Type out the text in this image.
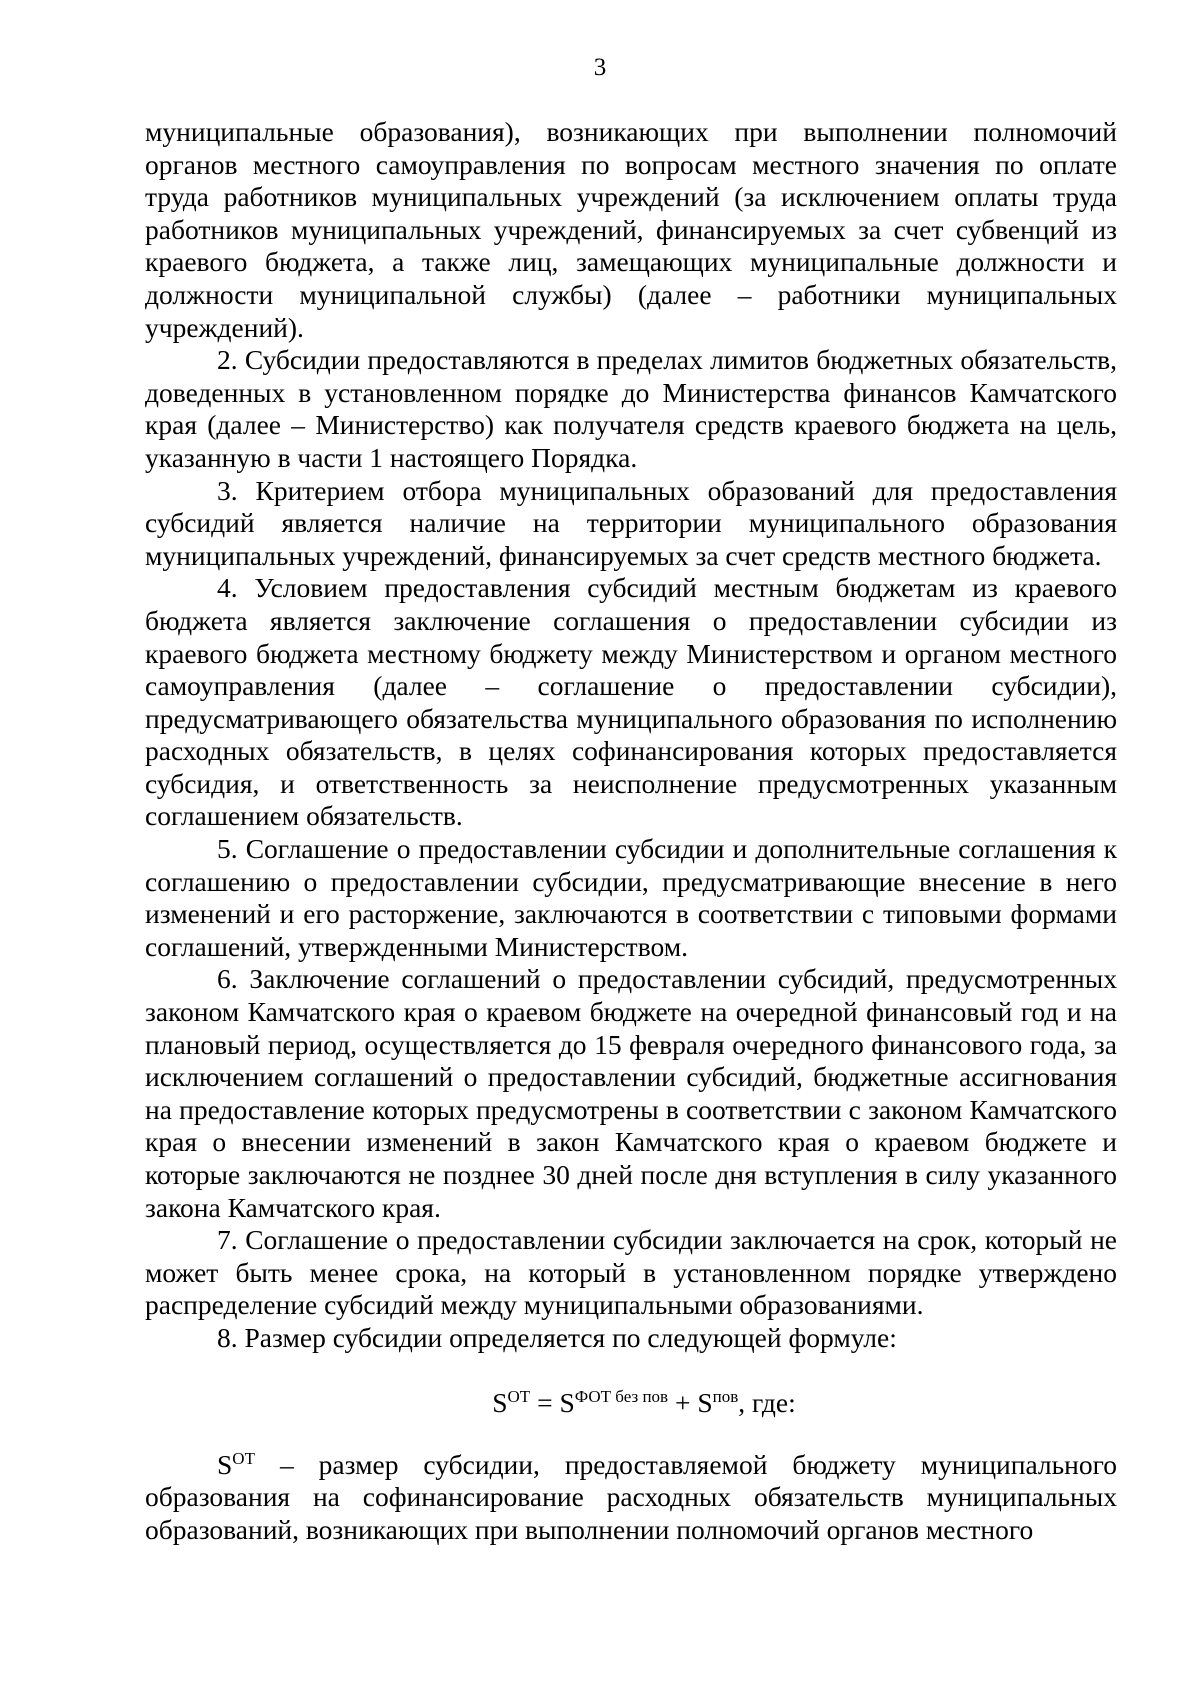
3

муниципальные образования), возникающих при выполнении полномочий органов местного самоуправления по вопросам местного значения по оплате труда работников муниципальных учреждений (за исключением оплаты труда работников муниципальных учреждений, финансируемых за счет субвенций из краевого бюджета, а также лиц, замещающих муниципальные должности и должности муниципальной службы) (далее – работники муниципальных учреждений).

2. Субсидии предоставляются в пределах лимитов бюджетных обязательств, доведенных в установленном порядке до Министерства финансов Камчатского края (далее – Министерство) как получателя средств краевого бюджета на цель, указанную в части 1 настоящего Порядка.

3. Критерием отбора муниципальных образований для предоставления субсидий является наличие на территории муниципального образования муниципальных учреждений, финансируемых за счет средств местного бюджета.

4. Условием предоставления субсидий местным бюджетам из краевого бюджета является заключение соглашения о предоставлении субсидии из краевого бюджета местному бюджету между Министерством и органом местного самоуправления (далее – соглашение о предоставлении субсидии), предусматривающего обязательства муниципального образования по исполнению расходных обязательств, в целях софинансирования которых предоставляется субсидия, и ответственность за неисполнение предусмотренных указанным соглашением обязательств.

5. Соглашение о предоставлении субсидии и дополнительные соглашения к соглашению о предоставлении субсидии, предусматривающие внесение в него изменений и его расторжение, заключаются в соответствии с типовыми формами соглашений, утвержденными Министерством.

6. Заключение соглашений о предоставлении субсидий, предусмотренных законом Камчатского края о краевом бюджете на очередной финансовый год и на плановый период, осуществляется до 15 февраля очередного финансового года, за исключением соглашений о предоставлении субсидий, бюджетные ассигнования на предоставление которых предусмотрены в соответствии с законом Камчатского края о внесении изменений в закон Камчатского края о краевом бюджете и которые заключаются не позднее 30 дней после дня вступления в силу указанного закона Камчатского края.

7. Соглашение о предоставлении субсидии заключается на срок, который не может быть менее срока, на который в установленном порядке утверждено распределение субсидий между муниципальными образованиями.

8. Размер субсидии определяется по следующей формуле:

$S^{ОТ} = S^{ФОТ без пов} + S^{пов}$, где:

$S^{ОТ}$ – размер субсидии, предоставляемой бюджету муниципального образования на софинансирование расходных обязательств муниципальных образований, возникающих при выполнении полномочий органов местного
